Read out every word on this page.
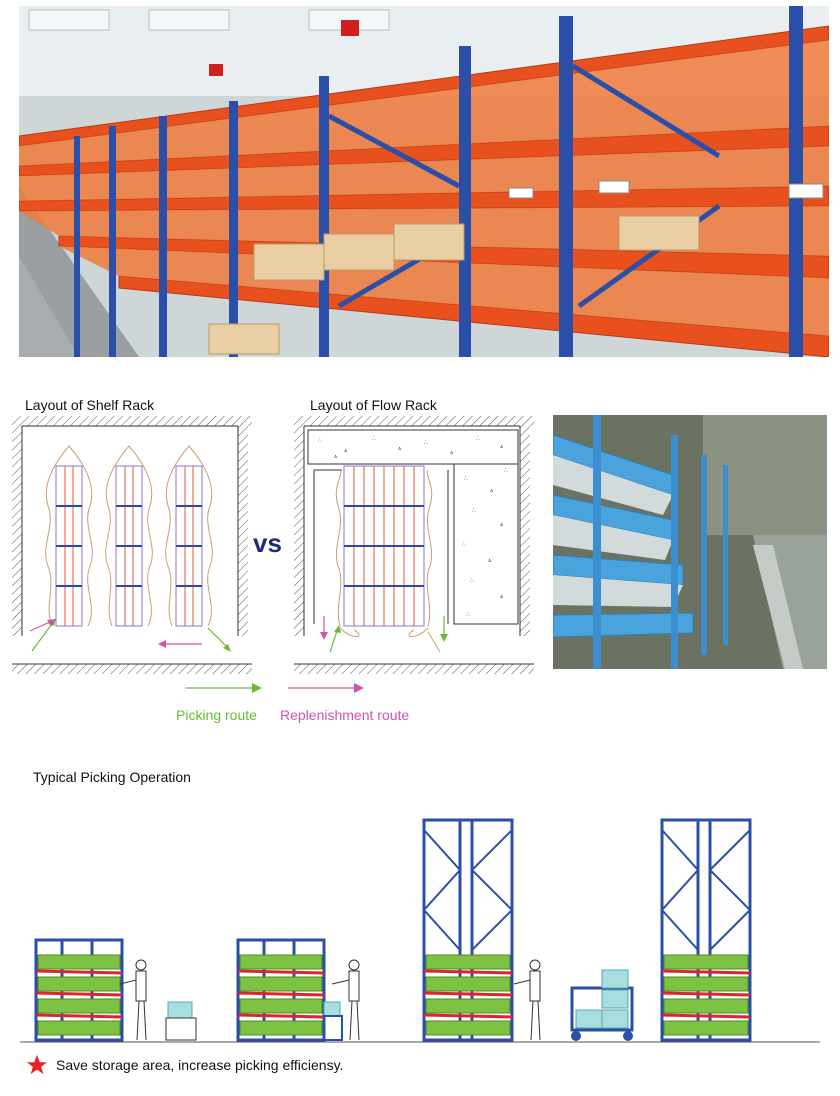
Layout of Shelf Rack	Layout of Flow Rack
vs
∴
ᐞ
∴
ᐞ
∴
ᐞ
∴
ᐞ
∴
ᐞ
∴
ᐞ
∴
ᐞ
∴
ᐞ
∴
ᐞ
∴
Picking route	Replenishment route
Typical Picking Operation
Save storage area, increase picking efficiensy.
